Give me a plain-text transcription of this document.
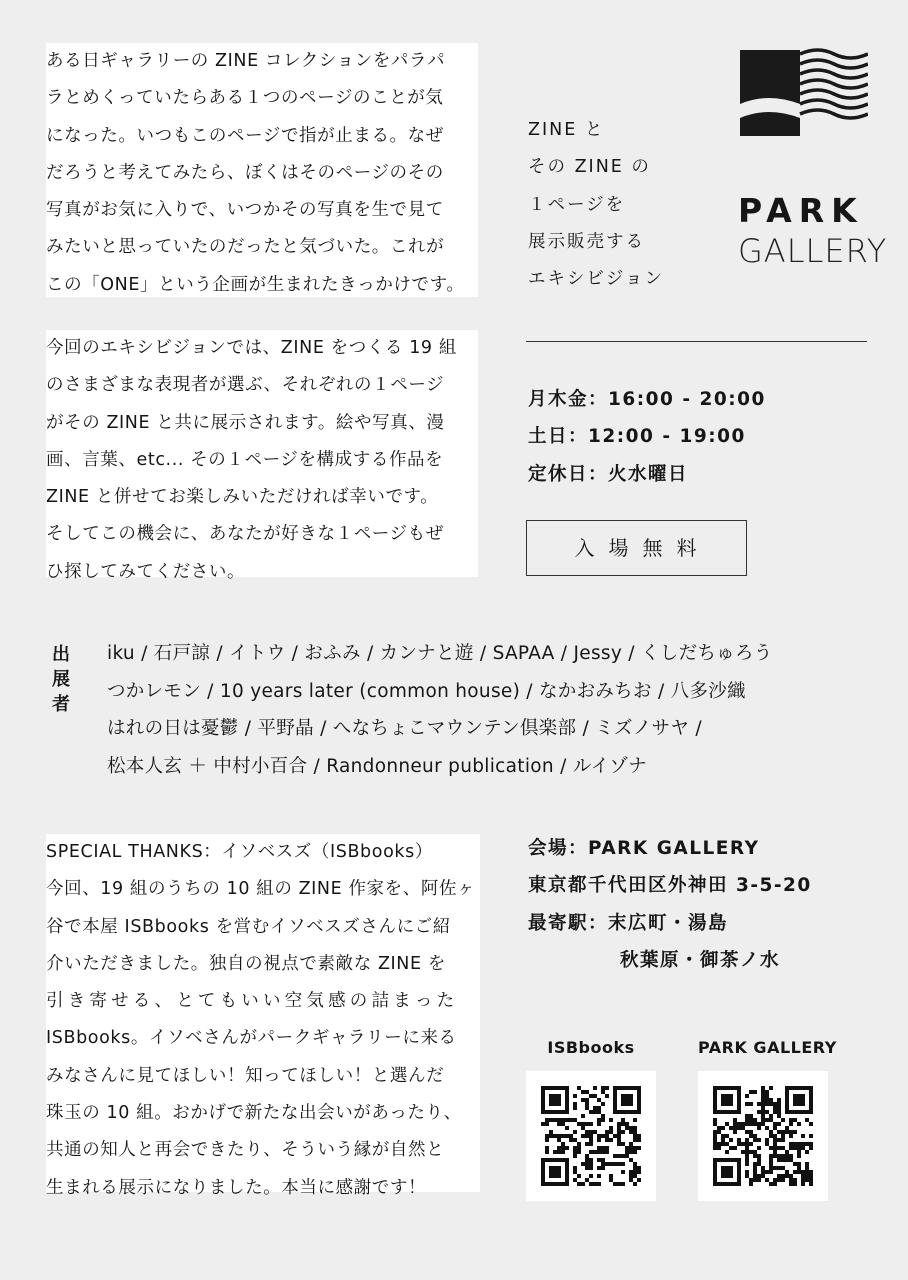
ある日ギャラリーの ZINE コレクションをパラパ
ラとめくっていたらある１つのページのことが気
になった。いつもこのページで指が止まる。なぜ
だろうと考えてみたら、ぼくはそのページのその
写真がお気に入りで、いつかその写真を生で見て
みたいと思っていたのだったと気づいた。これが
この「ONE」という企画が生まれたきっかけです。
今回のエキシビジョンでは、ZINE をつくる 19 組
のさまざまな表現者が選ぶ、それぞれの１ページ
がその ZINE と共に展示されます。絵や写真、漫
画、言葉、etc... その１ページを構成する作品を
ZINE と併せてお楽しみいただければ幸いです。
そしてこの機会に、あなたが好きな１ページもぜ
ひ探してみてください。
PARK
GALLERY
ZINE と
その ZINE の
１ページを
展示販売する
エキシビジョン
月木金：16:00 - 20:00
土日：12:00 - 19:00
定休日：火水曜日
入場無料
出
展
者
iku / 石戸諒 / イトウ / おふみ / カンナと遊 / SAPAA / Jessy / くしだちゅろう
つかレモン / 10 years later (common house) / なかおみちお / 八多沙織
はれの日は憂鬱 / 平野晶 / へなちょこマウンテン倶楽部 / ミズノサヤ /
松本人玄 ＋ 中村小百合 / Randonneur publication / ルイゾナ
SPECIAL THANKS：イソベスズ（ISBbooks）
今回、19 組のうちの 10 組の ZINE 作家を、阿佐ヶ
谷で本屋 ISBbooks を営むイソベスズさんにご紹
介いただきました。独自の視点で素敵な ZINE を
引き寄せる、とてもいい空気感の詰まった
ISBbooks。イソベさんがパークギャラリーに来る
みなさんに見てほしい！知ってほしい！と選んだ
珠玉の 10 組。おかげで新たな出会いがあったり、
共通の知人と再会できたり、そういう縁が自然と
生まれる展示になりました。本当に感謝です！
会場：PARK GALLERY
東京都千代田区外神田 3-5-20
最寄駅：末広町・湯島
秋葉原・御茶ノ水
ISBbooks	PARK GALLERY
